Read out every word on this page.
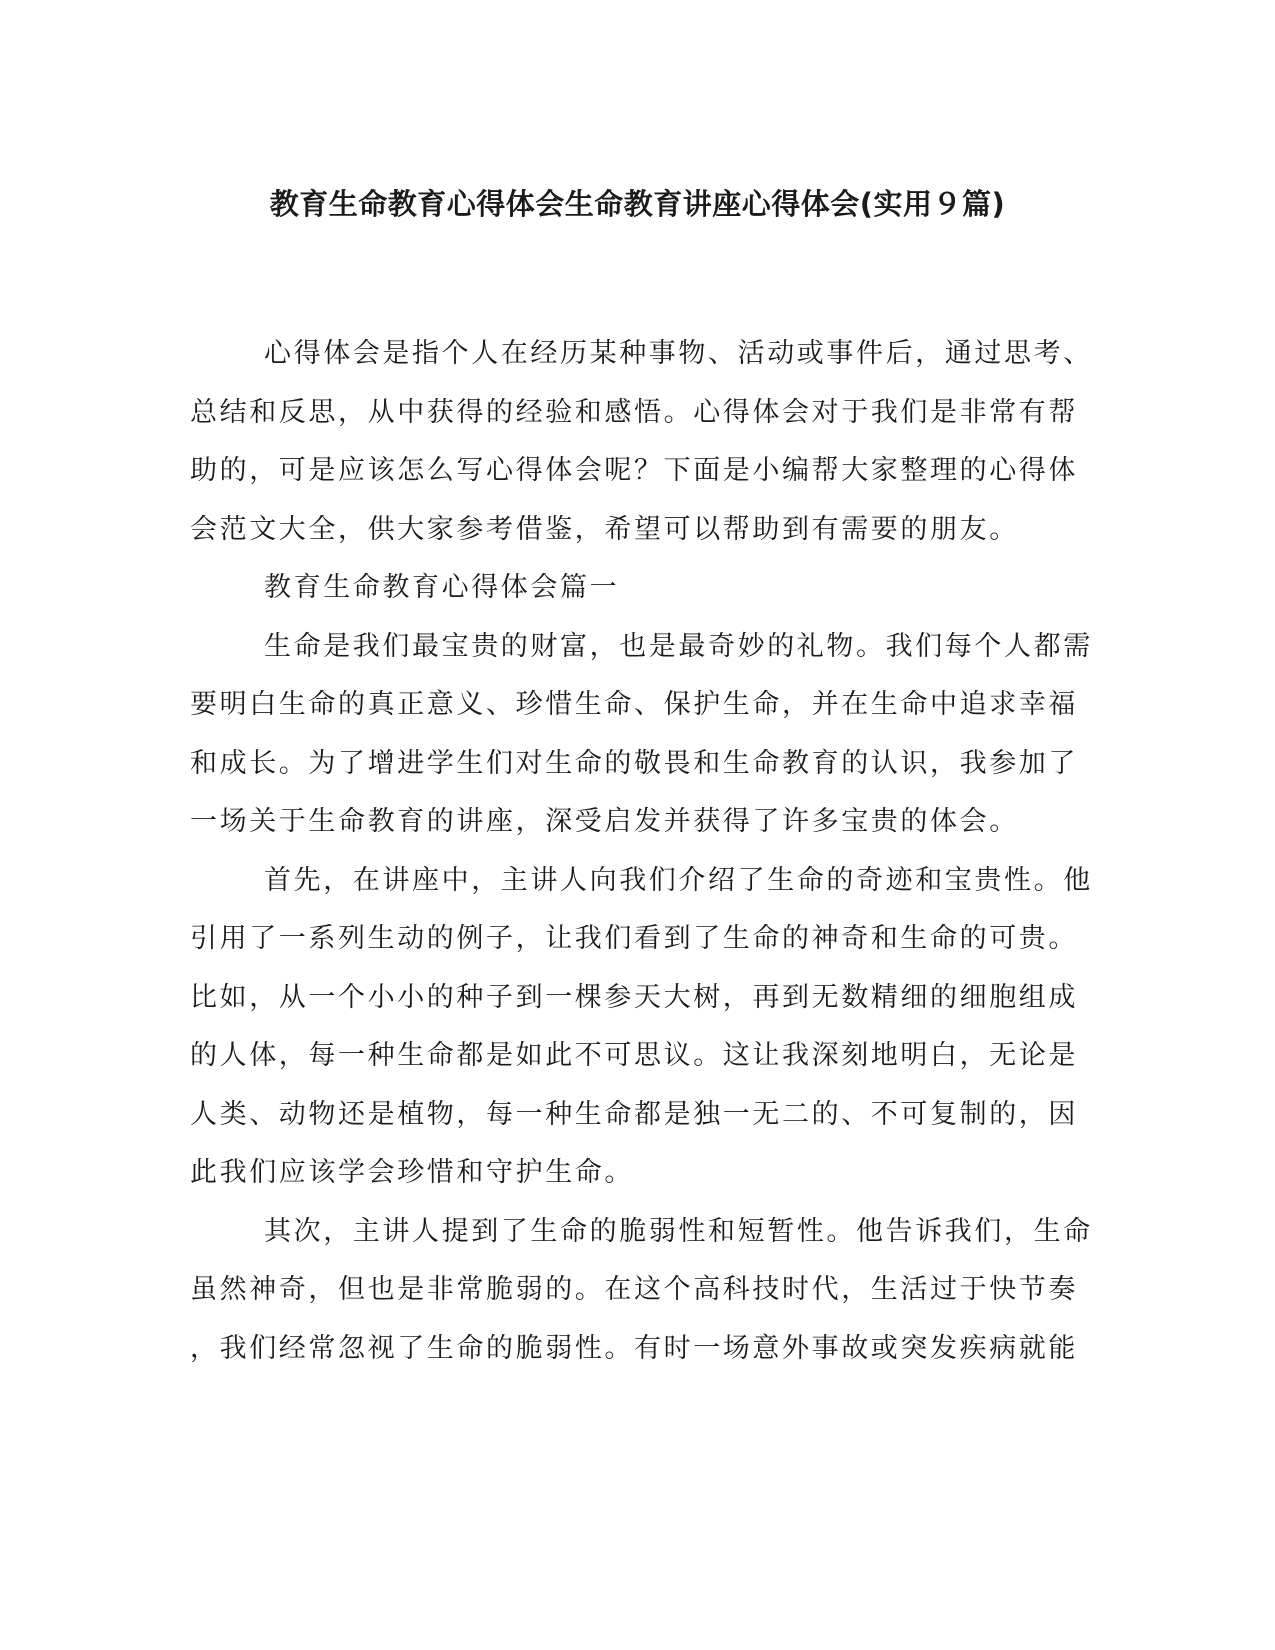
教育生命教育心得体会生命教育讲座心得体会(实用９篇)

心得体会是指个人在经历某种事物、活动或事件后，通过思考、
总结和反思，从中获得的经验和感悟。心得体会对于我们是非常有帮
助的，可是应该怎么写心得体会呢？下面是小编帮大家整理的心得体
会范文大全，供大家参考借鉴，希望可以帮助到有需要的朋友。

教育生命教育心得体会篇一

生命是我们最宝贵的财富，也是最奇妙的礼物。我们每个人都需
要明白生命的真正意义、珍惜生命、保护生命，并在生命中追求幸福
和成长。为了增进学生们对生命的敬畏和生命教育的认识，我参加了
一场关于生命教育的讲座，深受启发并获得了许多宝贵的体会。

首先，在讲座中，主讲人向我们介绍了生命的奇迹和宝贵性。他
引用了一系列生动的例子，让我们看到了生命的神奇和生命的可贵。
比如，从一个小小的种子到一棵参天大树，再到无数精细的细胞组成
的人体，每一种生命都是如此不可思议。这让我深刻地明白，无论是
人类、动物还是植物，每一种生命都是独一无二的、不可复制的，因
此我们应该学会珍惜和守护生命。

其次，主讲人提到了生命的脆弱性和短暂性。他告诉我们，生命
虽然神奇，但也是非常脆弱的。在这个高科技时代，生活过于快节奏
，我们经常忽视了生命的脆弱性。有时一场意外事故或突发疾病就能
